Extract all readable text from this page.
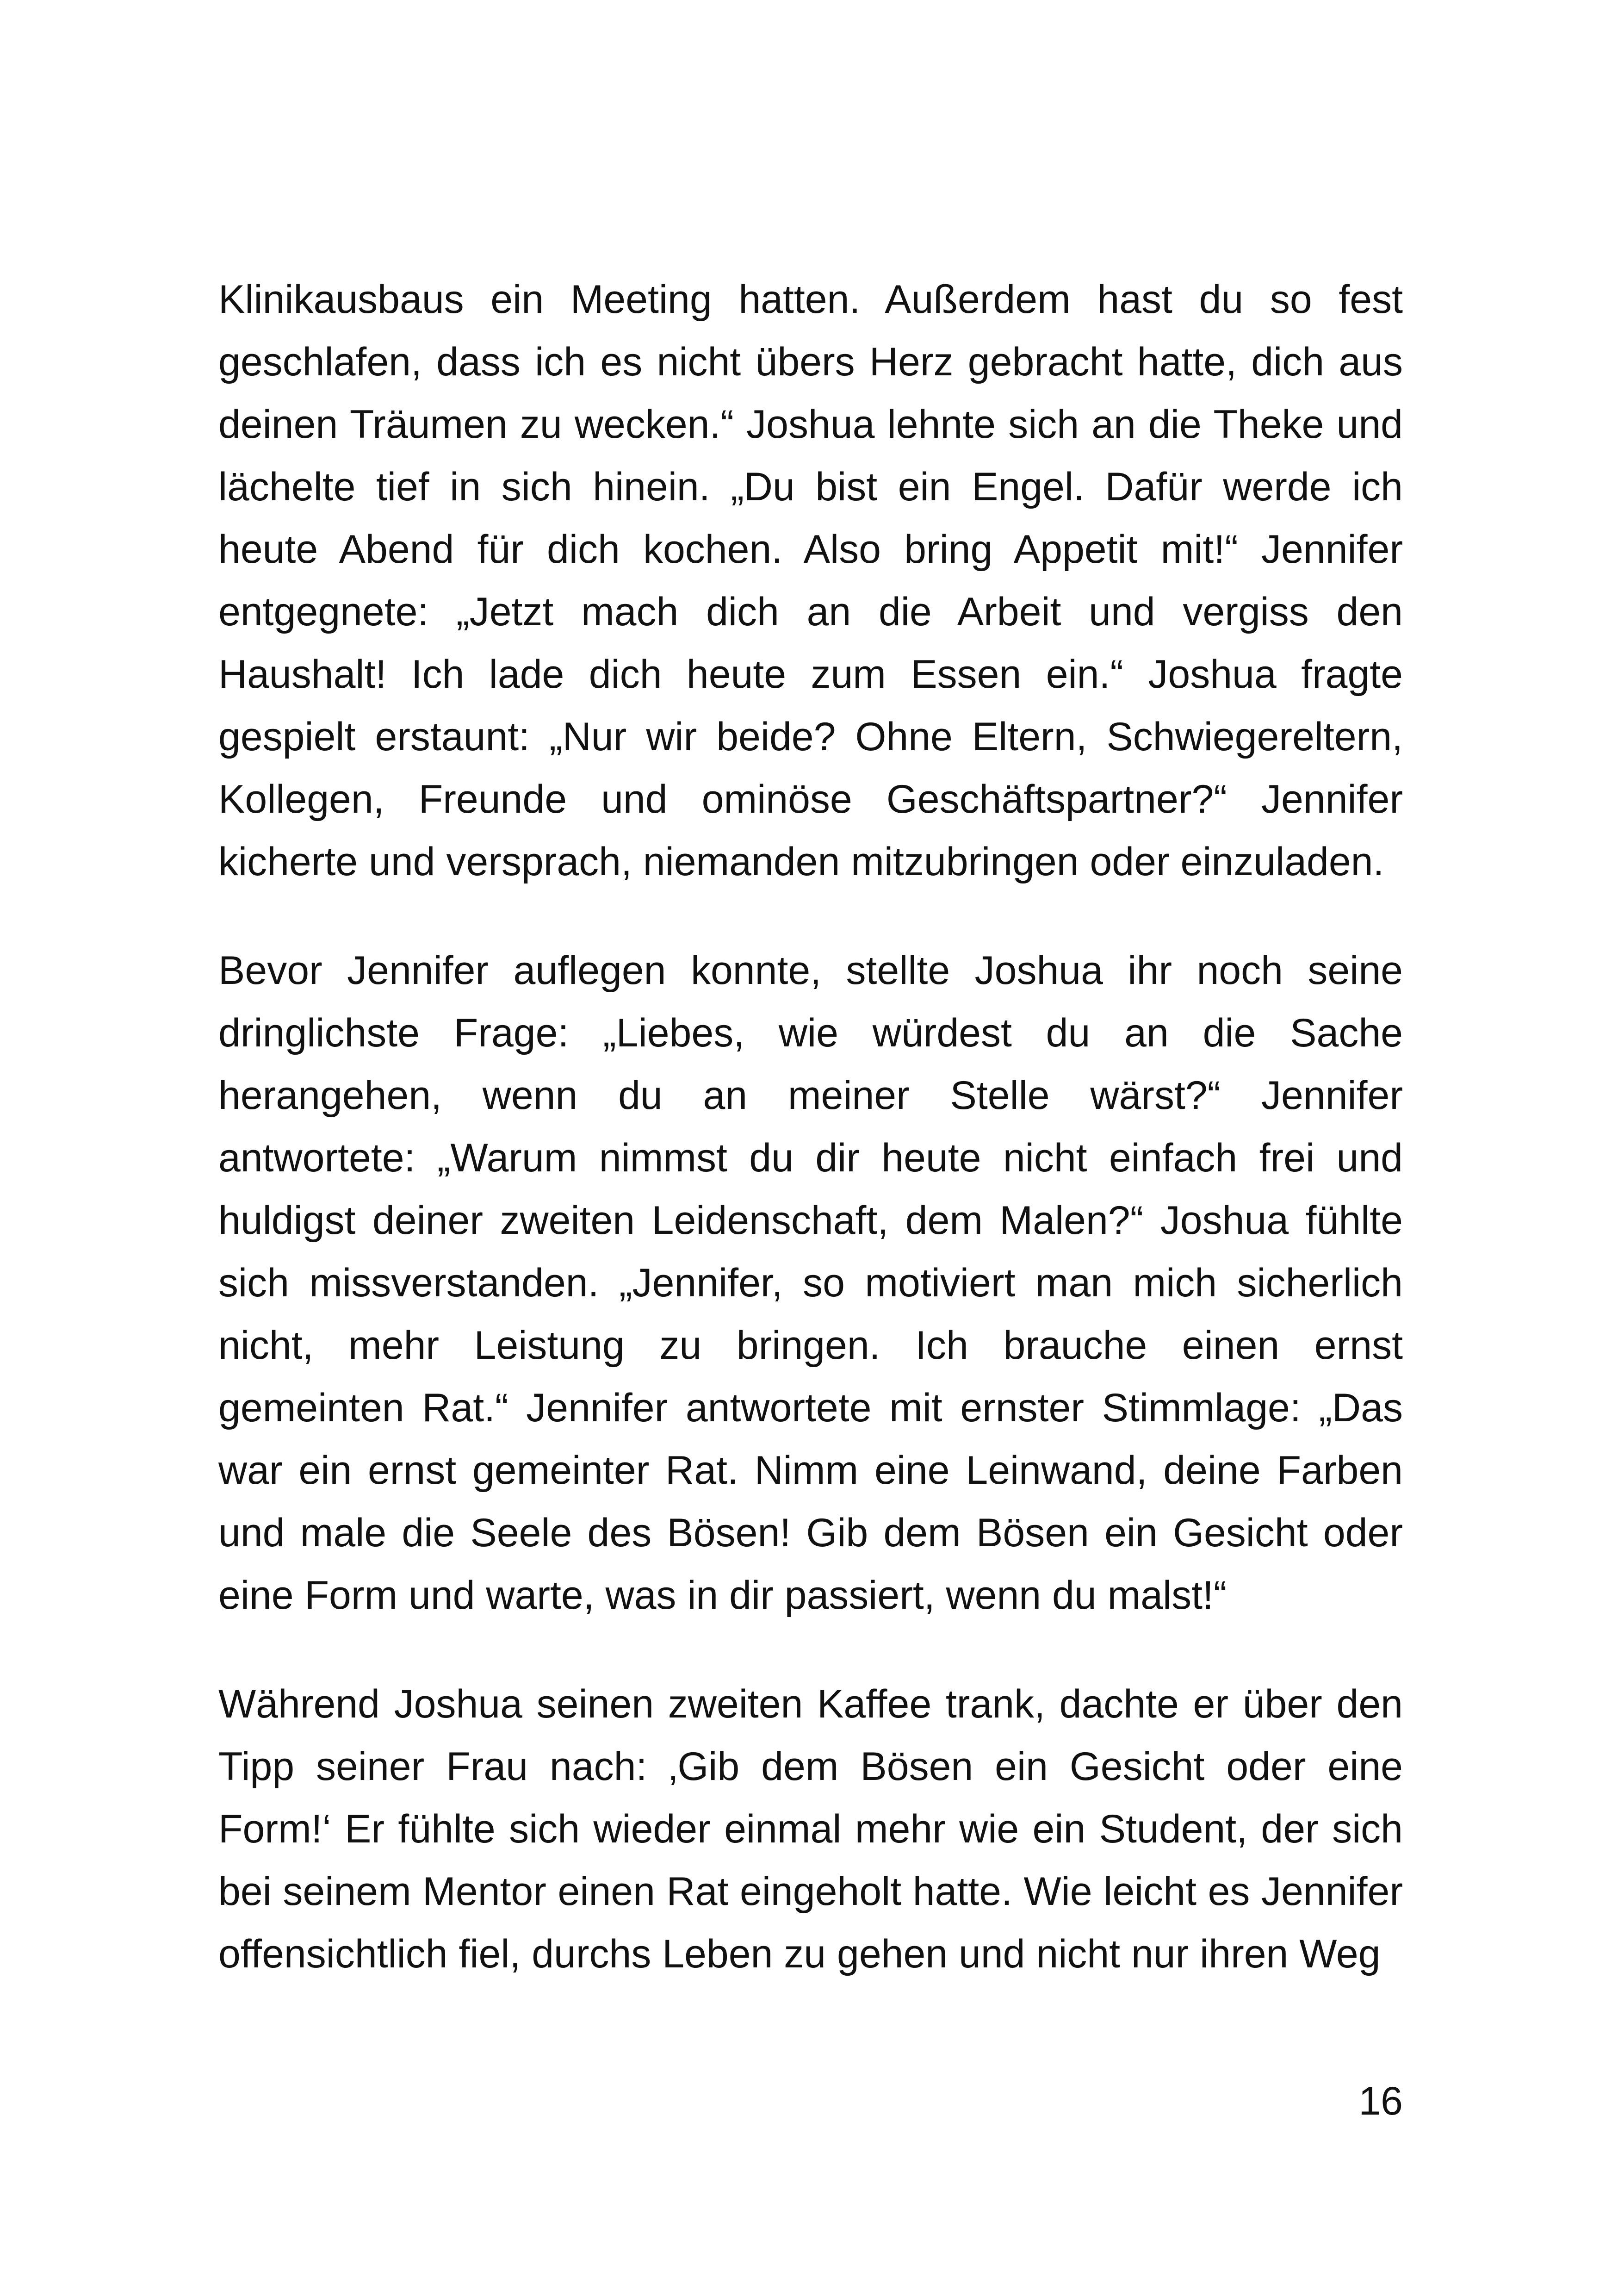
Klinikausbaus ein Meeting hatten. Außerdem hast du so fest geschlafen, dass ich es nicht übers Herz gebracht hatte, dich aus deinen Träumen zu wecken.“ Joshua lehnte sich an die Theke und lächelte tief in sich hinein. „Du bist ein Engel. Dafür werde ich heute Abend für dich kochen. Also bring Appetit mit!“ Jennifer entgegnete: „Jetzt mach dich an die Arbeit und vergiss den Haushalt! Ich lade dich heute zum Essen ein.“ Joshua fragte gespielt erstaunt: „Nur wir beide? Ohne Eltern, Schwiegereltern, Kollegen, Freunde und ominöse Geschäftspartner?“ Jennifer kicherte und versprach, niemanden mitzubringen oder einzuladen.

Bevor Jennifer auflegen konnte, stellte Joshua ihr noch seine dringlichste Frage: „Liebes, wie würdest du an die Sache herangehen, wenn du an meiner Stelle wärst?“ Jennifer antwortete: „Warum nimmst du dir heute nicht einfach frei und huldigst deiner zweiten Leidenschaft, dem Malen?“ Joshua fühlte sich missverstanden. „Jennifer, so motiviert man mich sicherlich nicht, mehr Leistung zu bringen. Ich brauche einen ernst gemeinten Rat.“ Jennifer antwortete mit ernster Stimmlage: „Das war ein ernst gemeinter Rat. Nimm eine Leinwand, deine Farben und male die Seele des Bösen! Gib dem Bösen ein Gesicht oder eine Form und warte, was in dir passiert, wenn du malst!“

Während Joshua seinen zweiten Kaffee trank, dachte er über den Tipp seiner Frau nach: ‚Gib dem Bösen ein Gesicht oder eine Form!‘ Er fühlte sich wieder einmal mehr wie ein Student, der sich bei seinem Mentor einen Rat eingeholt hatte. Wie leicht es Jennifer offensichtlich fiel, durchs Leben zu gehen und nicht nur ihren Weg

16
